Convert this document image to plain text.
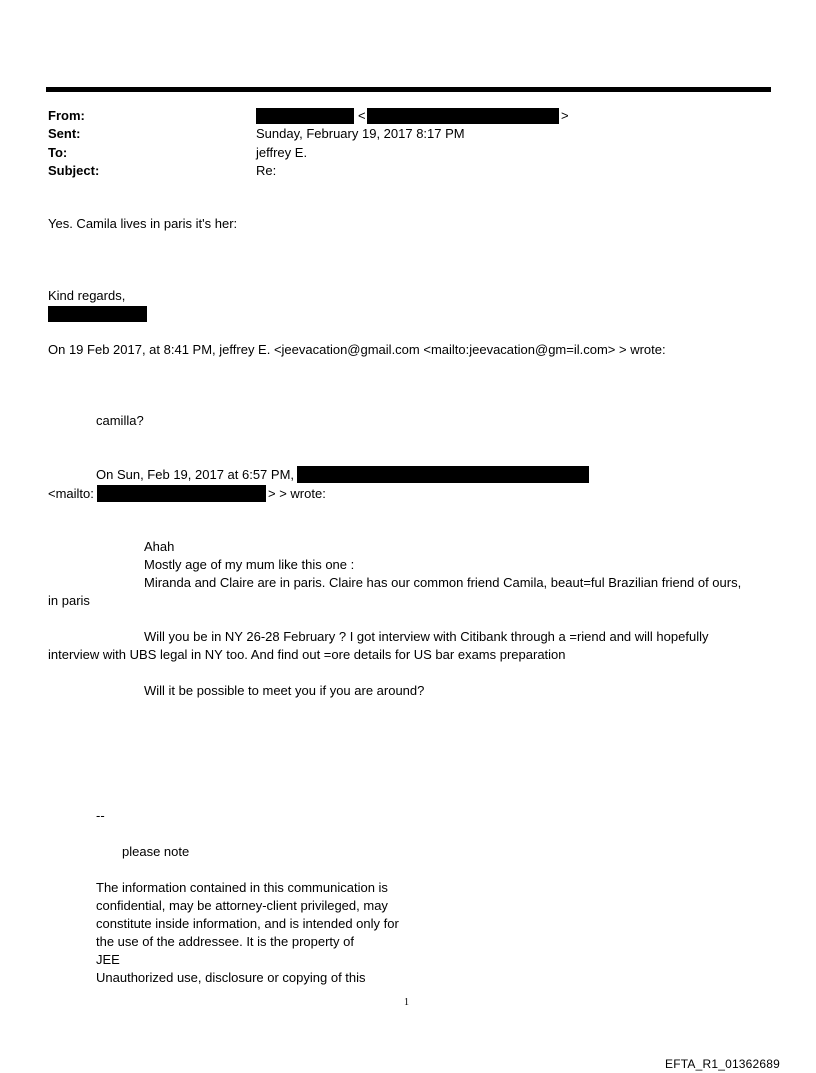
From:
Sent:
To:
Subject:
<	>
Sunday, February 19, 2017 8:17 PM
jeffrey E.
Re:
Yes. Camila lives in paris it's her:
Kind regards,
On 19 Feb 2017, at 8:41 PM, jeffrey E. <jeevacation@gmail.com <mailto:jeevacation@gm=il.com> > wrote:
camilla?
On Sun, Feb 19, 2017 at 6:57 PM,
<mailto:	> > wrote:
Ahah
Mostly age of my mum like this one :
Miranda and Claire are in paris. Claire has our common friend Camila, beaut=ful Brazilian friend of ours,
in paris
Will you be in NY 26-28 February ? I got interview with Citibank through a =riend and will hopefully
interview with UBS legal in NY too. And find out =ore details for US bar exams preparation
Will it be possible to meet you if you are around?
--
please note
The information contained in this communication is
confidential, may be attorney-client privileged, may
constitute inside information, and is intended only for
the use of the addressee. It is the property of
JEE
Unauthorized use, disclosure or copying of this
1
EFTA_R1_01362689
